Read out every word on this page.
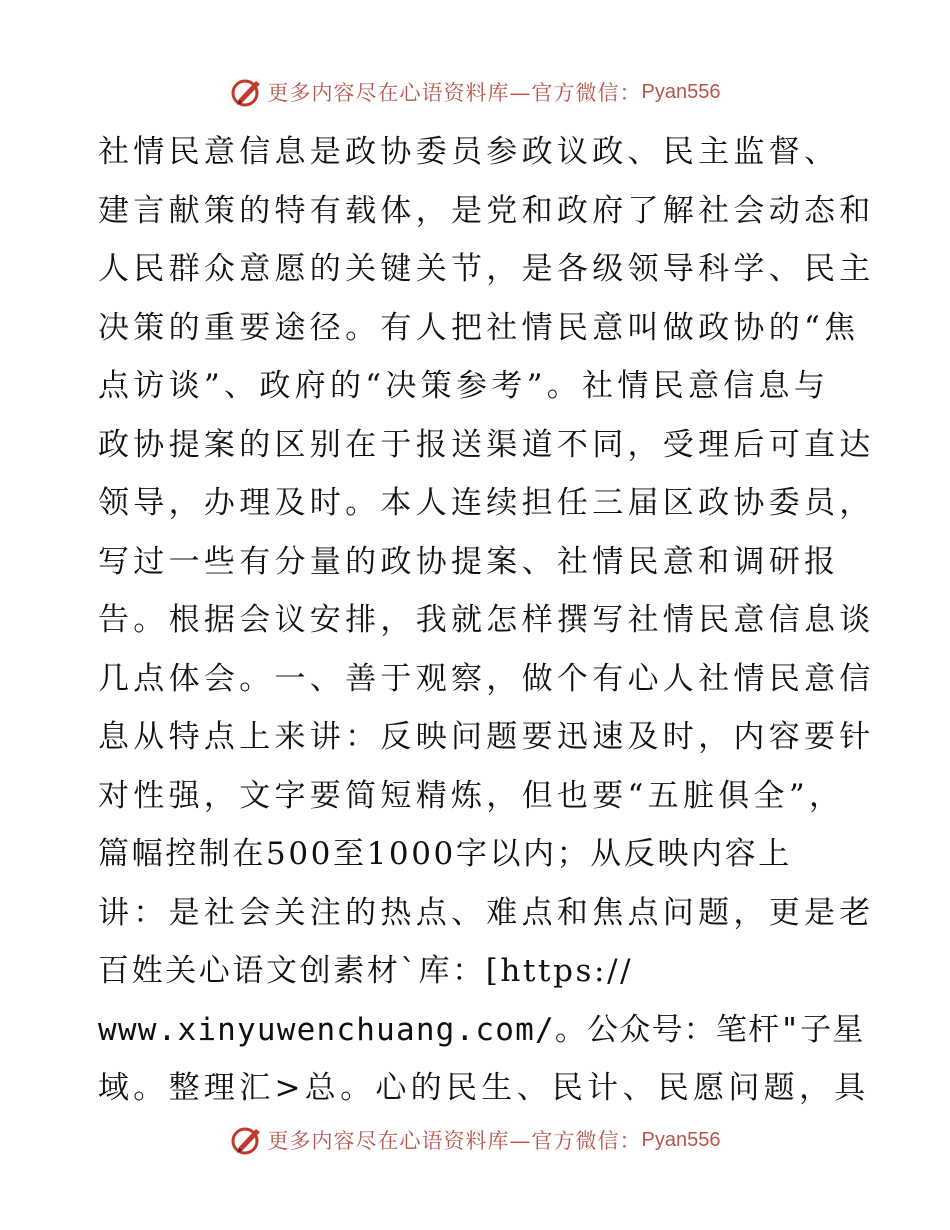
更多内容尽在心语资料库—官方微信： Pyan556
社情民意信息是政协委员参政议政、民主监督、
建言献策的特有载体，是党和政府了解社会动态和
人民群众意愿的关键关节，是各级领导科学、民主
决策的重要途径。有人把社情民意叫做政协的“焦
点访谈”、政府的“决策参考”。社情民意信息与
政协提案的区别在于报送渠道不同，受理后可直达
领导，办理及时。本人连续担任三届区政协委员，
写过一些有分量的政协提案、社情民意和调研报
告。根据会议安排，我就怎样撰写社情民意信息谈
几点体会。一、善于观察，做个有心人社情民意信
息从特点上来讲：反映问题要迅速及时，内容要针
对性强，文字要简短精炼，但也要“五脏俱全”，
篇幅控制在500至1000字以内；从反映内容上
讲：是社会关注的热点、难点和焦点问题，更是老
百姓关心语文创素材`库：[https://
www.xinyuwenchuang.com/。公众号：笔杆"子星
域。整理汇>总。心的民生、民计、民愿问题，具
更多内容尽在心语资料库—官方微信： Pyan556
